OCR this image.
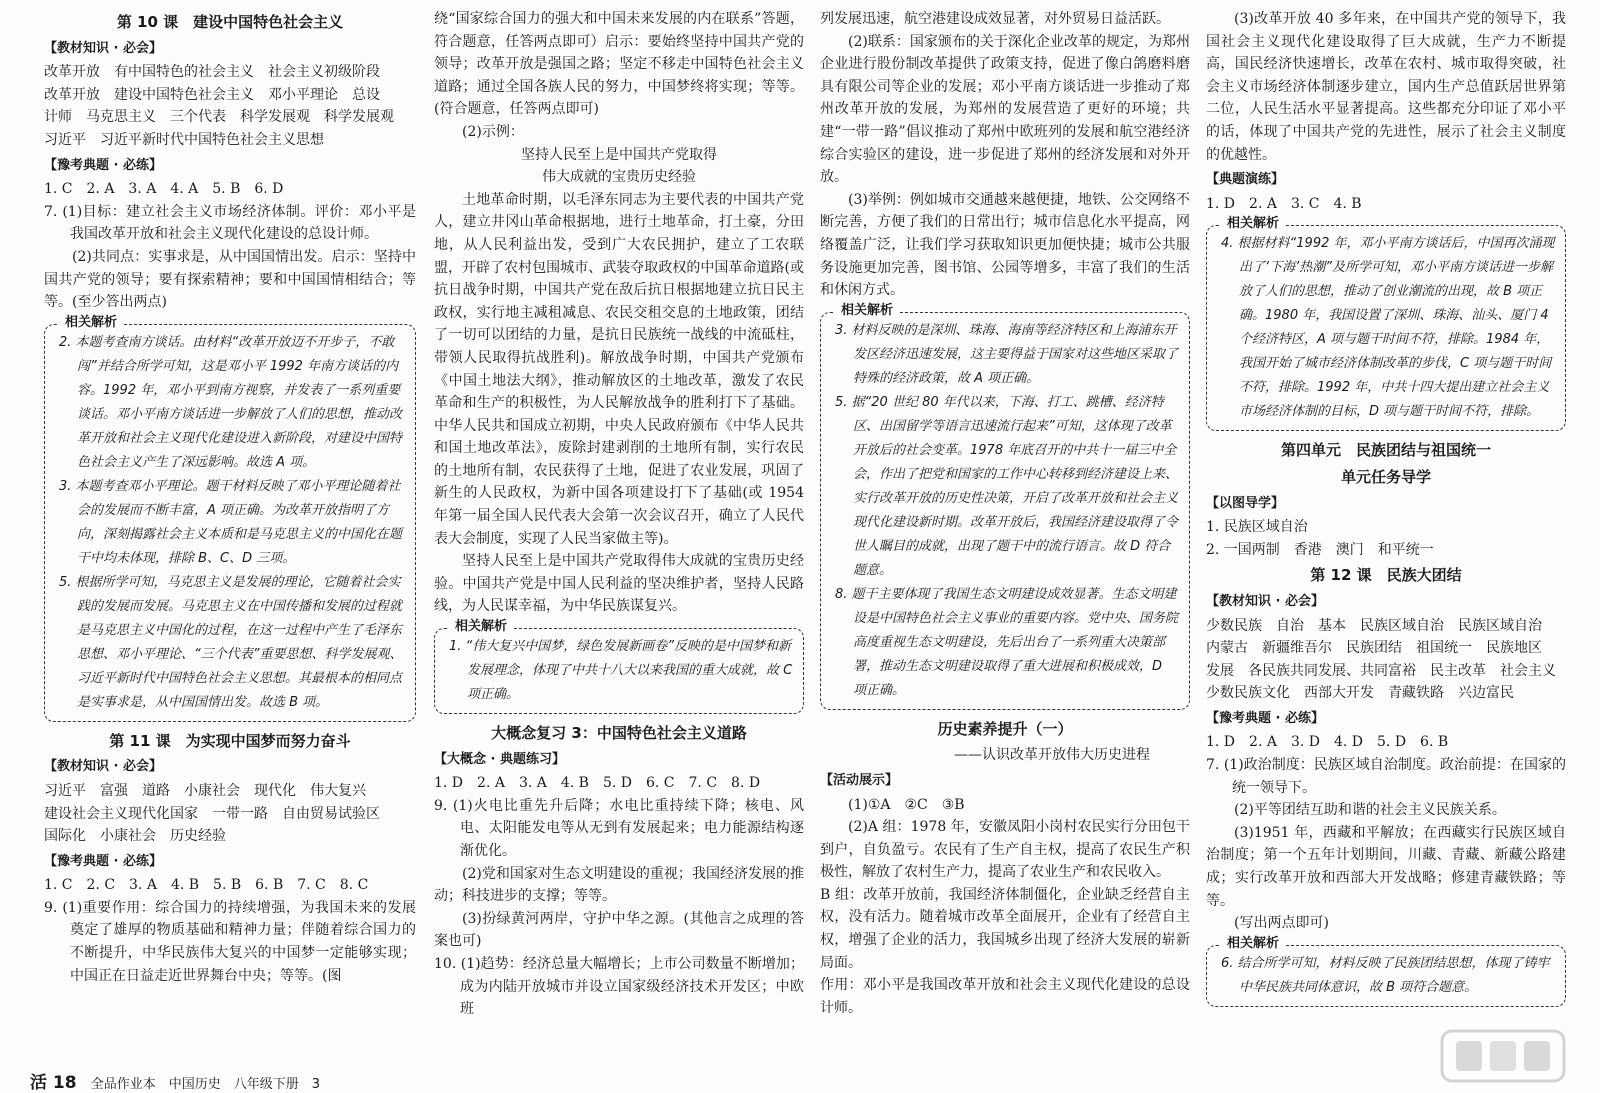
第 10 课　建设中国特色社会主义
【教材知识 · 必会】

改革开放　有中国特色的社会主义　社会主义初级阶段

改革开放　建设中国特色社会主义　邓小平理论　总设

计师　马克思主义　三个代表　科学发展观　科学发展观

习近平　习近平新时代中国特色社会主义思想

【豫考典题 · 必练】

1. C　2. A　3. A　4. A　5. B　6. D

7. (1)目标：建立社会主义市场经济体制。评价：邓小平是我国改革开放和社会主义现代化建设的总设计师。

(2)共同点：实事求是，从中国国情出发。启示：坚持中国共产党的领导；要有探索精神；要和中国国情相结合；等等。(至少答出两点)

相关解析

2. 本题考查南方谈话。由材料“改革开放迈不开步子，不敢闯”并结合所学可知，这是邓小平 1992 年南方谈话的内容。1992 年，邓小平到南方视察，并发表了一系列重要谈话。邓小平南方谈话进一步解放了人们的思想，推动改革开放和社会主义现代化建设进入新阶段，对建设中国特色社会主义产生了深远影响。故选 A 项。

3. 本题考查邓小平理论。题干材料反映了邓小平理论随着社会的发展而不断丰富，A 项正确。为改革开放指明了方向，深刻揭露社会主义本质和是马克思主义的中国化在题干中均未体现，排除 B、C、D 三项。

5. 根据所学可知，马克思主义是发展的理论，它随着社会实践的发展而发展。马克思主义在中国传播和发展的过程就是马克思主义中国化的过程，在这一过程中产生了毛泽东思想、邓小平理论、“三个代表”重要思想、科学发展观、习近平新时代中国特色社会主义思想。其最根本的相同点是实事求是，从中国国情出发。故选 B 项。

第 11 课　为实现中国梦而努力奋斗
【教材知识 · 必会】

习近平　富强　道路　小康社会　现代化　伟大复兴

建设社会主义现代化国家　一带一路　自由贸易试验区

国际化　小康社会　历史经验

【豫考典题 · 必练】

1. C　2. C　3. A　4. B　5. B　6. B　7. C　8. C

9. (1)重要作用：综合国力的持续增强，为我国未来的发展奠定了雄厚的物质基础和精神力量；伴随着综合国力的不断提升，中华民族伟大复兴的中国梦一定能够实现；中国正在日益走近世界舞台中央；等等。(图

绕“国家综合国力的强大和中国未来发展的内在联系”答题，符合题意，任答两点即可）启示：要始终坚持中国共产党的领导；改革开放是强国之路；坚定不移走中国特色社会主义道路；通过全国各族人民的努力，中国梦终将实现；等等。(符合题意，任答两点即可)

(2)示例：

坚持人民至上是中国共产党取得

伟大成就的宝贵历史经验

土地革命时期，以毛泽东同志为主要代表的中国共产党人，建立井冈山革命根据地，进行土地革命，打土豪，分田地，从人民利益出发，受到广大农民拥护，建立了工农联盟，开辟了农村包围城市、武装夺取政权的中国革命道路(或抗日战争时期，中国共产党在敌后抗日根据地建立抗日民主政权，实行地主减租减息、农民交租交息的土地政策，团结了一切可以团结的力量，是抗日民族统一战线的中流砥柱，带领人民取得抗战胜利)。解放战争时期，中国共产党颁布《中国土地法大纲》，推动解放区的土地改革，激发了农民革命和生产的积极性，为人民解放战争的胜利打下了基础。中华人民共和国成立初期，中央人民政府颁布《中华人民共和国土地改革法》，废除封建剥削的土地所有制，实行农民的土地所有制，农民获得了土地，促进了农业发展，巩固了新生的人民政权，为新中国各项建设打下了基础(或 1954 年第一届全国人民代表大会第一次会议召开，确立了人民代表大会制度，实现了人民当家做主等)。

坚持人民至上是中国共产党取得伟大成就的宝贵历史经验。中国共产党是中国人民利益的坚决维护者，坚持人民路线，为人民谋幸福，为中华民族谋复兴。

相关解析

1. “伟大复兴中国梦，绿色发展新画卷”反映的是中国梦和新发展理念，体现了中共十八大以来我国的重大成就，故 C 项正确。

大概念复习 3：中国特色社会主义道路
【大概念 · 典题练习】

1. D　2. A　3. A　4. B　5. D　6. C　7. C　8. D

9. (1)火电比重先升后降；水电比重持续下降；核电、风电、太阳能发电等从无到有发展起来；电力能源结构逐渐优化。

(2)党和国家对生态文明建设的重视；我国经济发展的推动；科技进步的支撑；等等。

(3)扮绿黄河两岸，守护中华之源。(其他言之成理的答案也可)

10. (1)趋势：经济总量大幅增长；上市公司数量不断增加；成为内陆开放城市并设立国家级经济技术开发区；中欧班

列发展迅速，航空港建设成效显著，对外贸易日益活跃。

(2)联系：国家颁布的关于深化企业改革的规定，为郑州企业进行股份制改革提供了政策支持，促进了像白鸽磨料磨具有限公司等企业的发展；邓小平南方谈话进一步推动了郑州改革开放的发展，为郑州的发展营造了更好的环境；共建“一带一路”倡议推动了郑州中欧班列的发展和航空港经济综合实验区的建设，进一步促进了郑州的经济发展和对外开放。

(3)举例：例如城市交通越来越便捷，地铁、公交网络不断完善，方便了我们的日常出行；城市信息化水平提高，网络覆盖广泛，让我们学习获取知识更加便快捷；城市公共服务设施更加完善，图书馆、公园等增多，丰富了我们的生活和休闲方式。

相关解析

3. 材料反映的是深圳、珠海、海南等经济特区和上海浦东开发区经济迅速发展，这主要得益于国家对这些地区采取了特殊的经济政策，故 A 项正确。

5. 据“20 世纪 80 年代以来，下海、打工、跳槽、经济特区、出国留学等语言迅速流行起来”可知，这体现了改革开放后的社会变革。1978 年底召开的中共十一届三中全会，作出了把党和国家的工作中心转移到经济建设上来、实行改革开放的历史性决策，开启了改革开放和社会主义现代化建设新时期。改革开放后，我国经济建设取得了令世人瞩目的成就，出现了题干中的流行语言。故 D 符合题意。

8. 题干主要体现了我国生态文明建设成效显著。生态文明建设是中国特色社会主义事业的重要内容。党中央、国务院高度重视生态文明建设，先后出台了一系列重大决策部署，推动生态文明建设取得了重大进展和积极成效，D 项正确。

历史素养提升（一）

——认识改革开放伟大历史进程

【活动展示】

(1)①A　②C　③B

(2)A 组：1978 年，安徽凤阳小岗村农民实行分田包干到户，自负盈亏。农民有了生产自主权，提高了农民生产积极性，解放了农村生产力，提高了农业生产和农民收入。

B 组：改革开放前，我国经济体制僵化，企业缺乏经营自主权，没有活力。随着城市改革全面展开，企业有了经营自主权，增强了企业的活力，我国城乡出现了经济大发展的崭新局面。

作用：邓小平是我国改革开放和社会主义现代化建设的总设计师。

(3)改革开放 40 多年来，在中国共产党的领导下，我国社会主义现代化建设取得了巨大成就，生产力不断提高，国民经济快速增长，改革在农村、城市取得突破，社会主义市场经济体制逐步建立，国内生产总值跃居世界第二位，人民生活水平显著提高。这些都充分印证了邓小平的话，体现了中国共产党的先进性，展示了社会主义制度的优越性。

【典题演练】

1. D　2. A　3. C　4. B

相关解析

4. 根据材料“1992 年，邓小平南方谈话后，中国再次涌现出了‘下海’热潮”及所学可知，邓小平南方谈话进一步解放了人们的思想，推动了创业潮流的出现，故 B 项正确。1980 年，我国设置了深圳、珠海、汕头、厦门 4 个经济特区，A 项与题干时间不符，排除。1984 年，我国开始了城市经济体制改革的步伐，C 项与题干时间不符，排除。1992 年，中共十四大提出建立社会主义市场经济体制的目标，D 项与题干时间不符，排除。

第四单元　民族团结与祖国统一
单元任务导学
【以图导学】

1. 民族区域自治

2. 一国两制　香港　澳门　和平统一

第 12 课　民族大团结
【教材知识 · 必会】

少数民族　自治　基本　民族区域自治　民族区域自治

内蒙古　新疆维吾尔　民族团结　祖国统一　民族地区

发展　各民族共同发展、共同富裕　民主改革　社会主义

少数民族文化　西部大开发　青藏铁路　兴边富民

【豫考典题 · 必练】

1. D　2. A　3. D　4. D　5. D　6. B

7. (1)政治制度：民族区域自治制度。政治前提：在国家的统一领导下。

(2)平等团结互助和谐的社会主义民族关系。

(3)1951 年，西藏和平解放；在西藏实行民族区域自治制度；第一个五年计划期间，川藏、青藏、新藏公路建成；实行改革开放和西部大开发战略；修建青藏铁路；等等。

(写出两点即可)

相关解析

6. 结合所学可知，材料反映了民族团结思想，体现了铸牢中华民族共同体意识，故 B 项符合题意。

活 18 全品作业本　中国历史　八年级下册　3
